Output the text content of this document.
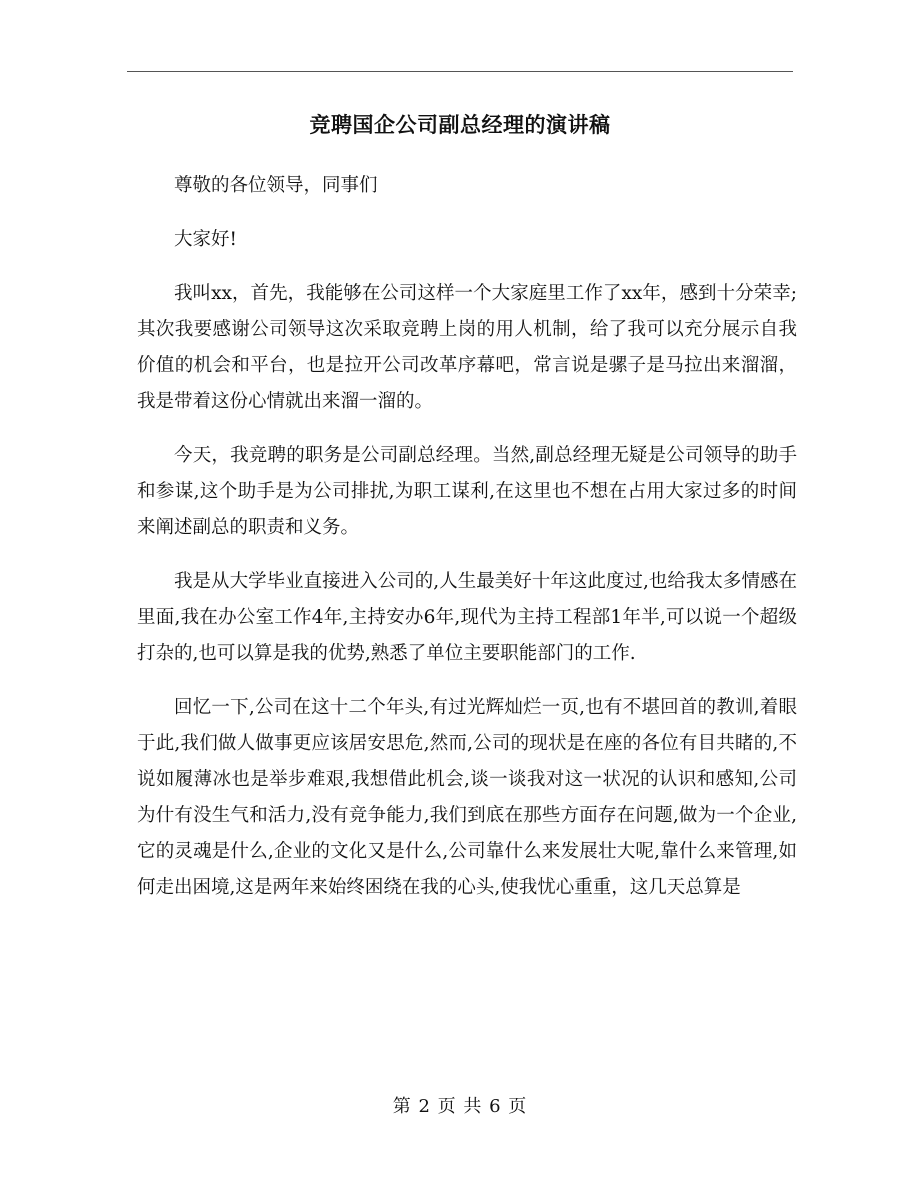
竞聘国企公司副总经理的演讲稿

尊敬的各位领导，同事们

大家好!

我叫xx，首先，我能够在公司这样一个大家庭里工作了xx年，感到十分荣幸;其次我要感谢公司领导这次采取竞聘上岗的用人机制，给了我可以充分展示自我价值的机会和平台，也是拉开公司改革序幕吧，常言说是骡子是马拉出来溜溜，我是带着这份心情就出来溜一溜的。

今天，我竞聘的职务是公司副总经理。当然,副总经理无疑是公司领导的助手和参谋,这个助手是为公司排扰,为职工谋利,在这里也不想在占用大家过多的时间来阐述副总的职责和义务。

我是从大学毕业直接进入公司的,人生最美好十年这此度过,也给我太多情感在里面,我在办公室工作4年,主持安办6年,现代为主持工程部1年半,可以说一个超级打杂的,也可以算是我的优势,熟悉了单位主要职能部门的工作.

回忆一下,公司在这十二个年头,有过光辉灿烂一页,也有不堪回首的教训,着眼于此,我们做人做事更应该居安思危,然而,公司的现状是在座的各位有目共睹的,不说如履薄冰也是举步难艰,我想借此机会,谈一谈我对这一状况的认识和感知,公司为什有没生气和活力,没有竞争能力,我们到底在那些方面存在问题,做为一个企业,它的灵魂是什么,企业的文化又是什么,公司靠什么来发展壮大呢,靠什么来管理,如何走出困境,这是两年来始终困绕在我的心头,使我忧心重重，这几天总算是

第 2 页 共 6 页
